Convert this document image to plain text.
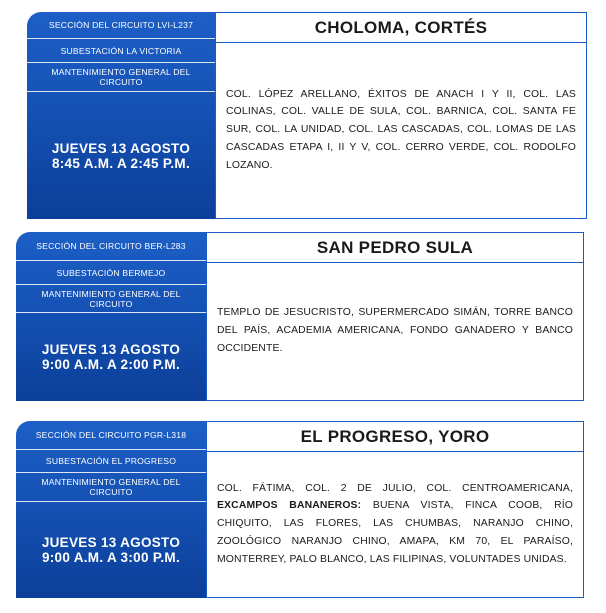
SECCIÓN DEL CIRCUITO LVI-L237
SUBESTACIÓN LA VICTORIA
MANTENIMIENTO GENERAL DEL CIRCUITO
JUEVES 13 AGOSTO
8:45 A.M. A 2:45 P.M.
CHOLOMA, CORTÉS

COL. LÓPEZ ARELLANO, ÉXITOS DE ANACH I Y II, COL. LAS COLINAS, COL. VALLE DE SULA, COL. BARNICA, COL. SANTA FE SUR, COL. LA UNIDAD, COL. LAS CASCADAS, COL. LOMAS DE LAS CASCADAS ETAPA I, II Y V, COL. CERRO VERDE, COL. RODOLFO LOZANO.

SECCIÓN DEL CIRCUITO BER-L283
SUBESTACIÓN BERMEJO
MANTENIMIENTO GENERAL DEL CIRCUITO
JUEVES 13 AGOSTO
9:00 A.M. A 2:00 P.M.
SAN PEDRO SULA

TEMPLO DE JESUCRISTO, SUPERMERCADO SIMÁN, TORRE BANCO DEL PAÍS, ACADEMIA AMERICANA, FONDO GANADERO Y BANCO OCCIDENTE.

SECCIÓN DEL CIRCUITO PGR-L318
SUBESTACIÓN EL PROGRESO
MANTENIMIENTO GENERAL DEL CIRCUITO
JUEVES 13 AGOSTO
9:00 A.M. A 3:00 P.M.
EL PROGRESO, YORO

COL. FÁTIMA, COL. 2 DE JULIO, COL. CENTROAMERICANA, EXCAMPOS BANANEROS: BUENA VISTA, FINCA COOB, RÍO CHIQUITO, LAS FLORES, LAS CHUMBAS, NARANJO CHINO, ZOOLÓGICO NARANJO CHINO, AMAPA, KM 70, EL PARAÍSO, MONTERREY, PALO BLANCO, LAS FILIPINAS, VOLUNTADES UNIDAS.
